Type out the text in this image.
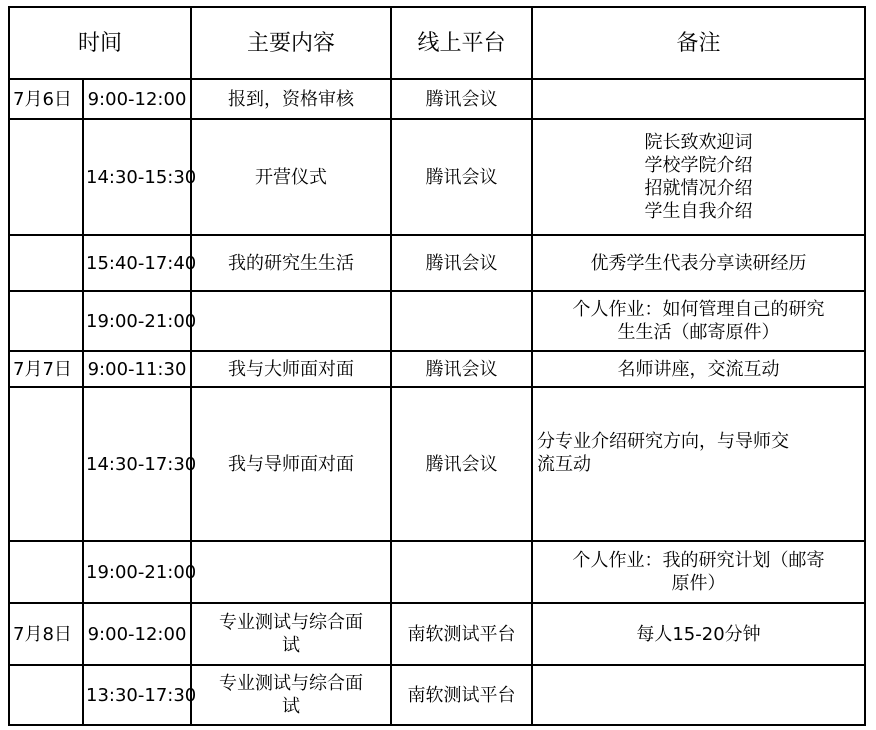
时间		主要内容	线上平台	备注
7月6日	9:00-12:00	报到，资格审核	腾讯会议	
	14:30-15:30	开营仪式	腾讯会议	院长致欢迎词
学校学院介绍
招就情况介绍
学生自我介绍

	15:40-17:40	我的研究生生活	腾讯会议	优秀学生代表分享读研经历
	19:00-21:00			个人作业：如何管理自己的研究
生生活（邮寄原件）

7月7日	9:00-11:30	我与大师面对面	腾讯会议	名师讲座，交流互动
	14:30-17:30	我与导师面对面	腾讯会议	分专业介绍研究方向，与导师交
流互动

	19:00-21:00			个人作业：我的研究计划（邮寄
原件）

7月8日	9:00-12:00	专业测试与综合面
试	南软测试平台	每人15-20分钟
	13:30-17:30	专业测试与综合面
试	南软测试平台	
